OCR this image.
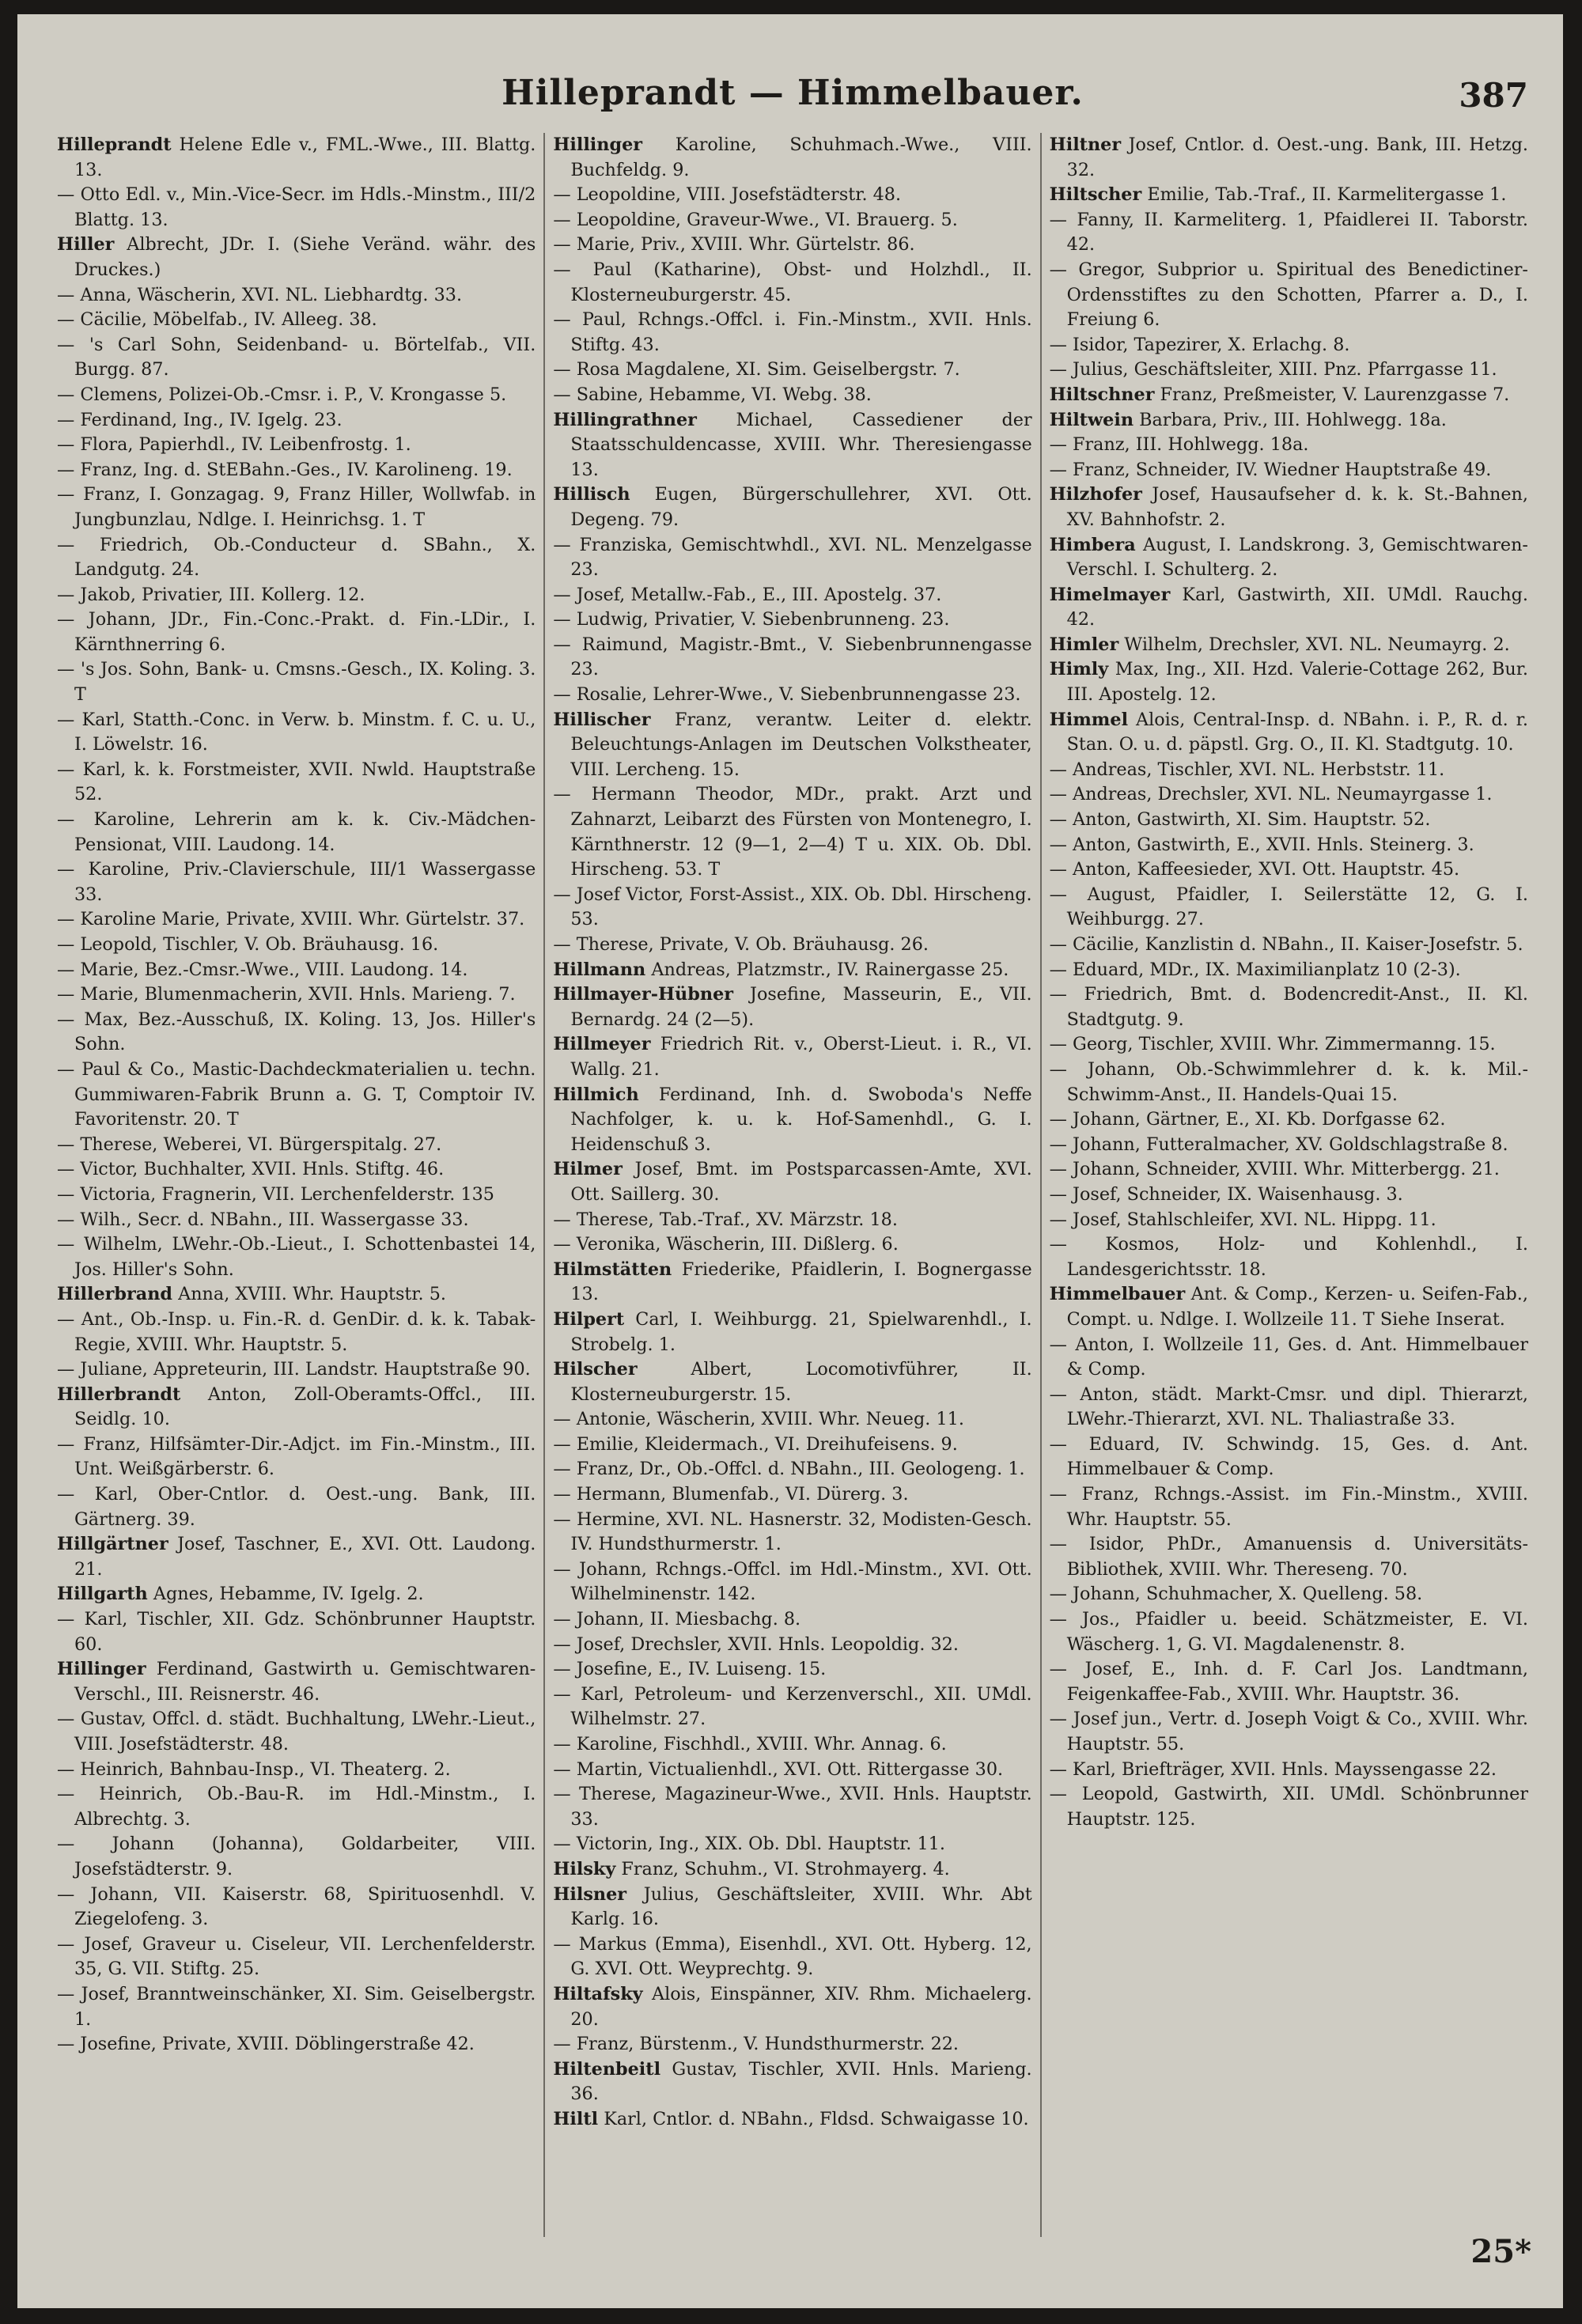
Hilleprandt — Himmelbauer.	387
Hilleprandt Helene Edle v., FML.-Wwe., III. Blattg. 13.
— Otto Edl. v., Min.-Vice-Secr. im Hdls.-Minstm., III/2 Blattg. 13.
Hiller Albrecht, JDr. I. (Siehe Veränd. währ. des Druckes.)
— Anna, Wäscherin, XVI. NL. Liebhardtg. 33.
— Cäcilie, Möbelfab., IV. Alleeg. 38.
— 's Carl Sohn, Seidenband- u. Börtelfab., VII. Burgg. 87.
— Clemens, Polizei-Ob.-Cmsr. i. P., V. Krongasse 5.
— Ferdinand, Ing., IV. Igelg. 23.
— Flora, Papierhdl., IV. Leibenfrostg. 1.
— Franz, Ing. d. StEBahn.-Ges., IV. Karolineng. 19.
— Franz, I. Gonzagag. 9, Franz Hiller, Wollwfab. in Jungbunzlau, Ndlge. I. Heinrichsg. 1. T
— Friedrich, Ob.-Conducteur d. SBahn., X. Landgutg. 24.
— Jakob, Privatier, III. Kollerg. 12.
— Johann, JDr., Fin.-Conc.-Prakt. d. Fin.-LDir., I. Kärnthnerring 6.
— 's Jos. Sohn, Bank- u. Cmsns.-Gesch., IX. Koling. 3. T
— Karl, Statth.-Conc. in Verw. b. Minstm. f. C. u. U., I. Löwelstr. 16.
— Karl, k. k. Forstmeister, XVII. Nwld. Hauptstraße 52.
— Karoline, Lehrerin am k. k. Civ.-Mädchen-Pensionat, VIII. Laudong. 14.
— Karoline, Priv.-Clavierschule, III/1 Wassergasse 33.
— Karoline Marie, Private, XVIII. Whr. Gürtelstr. 37.
— Leopold, Tischler, V. Ob. Bräuhausg. 16.
— Marie, Bez.-Cmsr.-Wwe., VIII. Laudong. 14.
— Marie, Blumenmacherin, XVII. Hnls. Marieng. 7.
— Max, Bez.-Ausschuß, IX. Koling. 13, Jos. Hiller's Sohn.
— Paul & Co., Mastic-Dachdeckmaterialien u. techn. Gummiwaren-Fabrik Brunn a. G. T, Comptoir IV. Favoritenstr. 20. T
— Therese, Weberei, VI. Bürgerspitalg. 27.
— Victor, Buchhalter, XVII. Hnls. Stiftg. 46.
— Victoria, Fragnerin, VII. Lerchenfelderstr. 135
— Wilh., Secr. d. NBahn., III. Wassergasse 33.
— Wilhelm, LWehr.-Ob.-Lieut., I. Schottenbastei 14, Jos. Hiller's Sohn.
Hillerbrand Anna, XVIII. Whr. Hauptstr. 5.
— Ant., Ob.-Insp. u. Fin.-R. d. GenDir. d. k. k. Tabak-Regie, XVIII. Whr. Hauptstr. 5.
— Juliane, Appreteurin, III. Landstr. Hauptstraße 90.
Hillerbrandt Anton, Zoll-Oberamts-Offcl., III. Seidlg. 10.
— Franz, Hilfsämter-Dir.-Adjct. im Fin.-Minstm., III. Unt. Weißgärberstr. 6.
— Karl, Ober-Cntlor. d. Oest.-ung. Bank, III. Gärtnerg. 39.
Hillgärtner Josef, Taschner, E., XVI. Ott. Laudong. 21.
Hillgarth Agnes, Hebamme, IV. Igelg. 2.
— Karl, Tischler, XII. Gdz. Schönbrunner Hauptstr. 60.
Hillinger Ferdinand, Gastwirth u. Gemischtwaren-Verschl., III. Reisnerstr. 46.
— Gustav, Offcl. d. städt. Buchhaltung, LWehr.-Lieut., VIII. Josefstädterstr. 48.
— Heinrich, Bahnbau-Insp., VI. Theaterg. 2.
— Heinrich, Ob.-Bau-R. im Hdl.-Minstm., I. Albrechtg. 3.
— Johann (Johanna), Goldarbeiter, VIII. Josefstädterstr. 9.
— Johann, VII. Kaiserstr. 68, Spirituosenhdl. V. Ziegelofeng. 3.
— Josef, Graveur u. Ciseleur, VII. Lerchenfelderstr. 35, G. VII. Stiftg. 25.
— Josef, Branntweinschänker, XI. Sim. Geiselbergstr. 1.
— Josefine, Private, XVIII. Döblingerstraße 42.
Hillinger Karoline, Schuhmach.-Wwe., VIII. Buchfeldg. 9.
— Leopoldine, VIII. Josefstädterstr. 48.
— Leopoldine, Graveur-Wwe., VI. Brauerg. 5.
— Marie, Priv., XVIII. Whr. Gürtelstr. 86.
— Paul (Katharine), Obst- und Holzhdl., II. Klosterneuburgerstr. 45.
— Paul, Rchngs.-Offcl. i. Fin.-Minstm., XVII. Hnls. Stiftg. 43.
— Rosa Magdalene, XI. Sim. Geiselbergstr. 7.
— Sabine, Hebamme, VI. Webg. 38.
Hillingrathner Michael, Cassediener der Staatsschuldencasse, XVIII. Whr. Theresiengasse 13.
Hillisch Eugen, Bürgerschullehrer, XVI. Ott. Degeng. 79.
— Franziska, Gemischtwhdl., XVI. NL. Menzelgasse 23.
— Josef, Metallw.-Fab., E., III. Apostelg. 37.
— Ludwig, Privatier, V. Siebenbrunneng. 23.
— Raimund, Magistr.-Bmt., V. Siebenbrunnengasse 23.
— Rosalie, Lehrer-Wwe., V. Siebenbrunnengasse 23.
Hillischer Franz, verantw. Leiter d. elektr. Beleuchtungs-Anlagen im Deutschen Volkstheater, VIII. Lercheng. 15.
— Hermann Theodor, MDr., prakt. Arzt und Zahnarzt, Leibarzt des Fürsten von Montenegro, I. Kärnthnerstr. 12 (9—1, 2—4) T u. XIX. Ob. Dbl. Hirscheng. 53. T
— Josef Victor, Forst-Assist., XIX. Ob. Dbl. Hirscheng. 53.
— Therese, Private, V. Ob. Bräuhausg. 26.
Hillmann Andreas, Platzmstr., IV. Rainergasse 25.
Hillmayer-Hübner Josefine, Masseurin, E., VII. Bernardg. 24 (2—5).
Hillmeyer Friedrich Rit. v., Oberst-Lieut. i. R., VI. Wallg. 21.
Hillmich Ferdinand, Inh. d. Swoboda's Neffe Nachfolger, k. u. k. Hof-Samenhdl., G. I. Heidenschuß 3.
Hilmer Josef, Bmt. im Postsparcassen-Amte, XVI. Ott. Saillerg. 30.
— Therese, Tab.-Traf., XV. Märzstr. 18.
— Veronika, Wäscherin, III. Dißlerg. 6.
Hilmstätten Friederike, Pfaidlerin, I. Bognergasse 13.
Hilpert Carl, I. Weihburgg. 21, Spielwarenhdl., I. Strobelg. 1.
Hilscher	Albert, Locomotivführer, II. Klosterneuburgerstr. 15.
— Antonie, Wäscherin, XVIII. Whr. Neueg. 11.
— Emilie, Kleidermach., VI. Dreihufeisens. 9.
— Franz, Dr., Ob.-Offcl. d. NBahn., III. Geologeng. 1.
— Hermann, Blumenfab., VI. Dürerg. 3.
— Hermine, XVI. NL. Hasnerstr. 32, Modisten-Gesch. IV. Hundsthurmerstr. 1.
— Johann, Rchngs.-Offcl. im Hdl.-Minstm., XVI. Ott. Wilhelminenstr. 142.
— Johann, II. Miesbachg. 8.
— Josef, Drechsler, XVII. Hnls. Leopoldig. 32.
— Josefine, E., IV. Luiseng. 15.
— Karl, Petroleum- und Kerzenverschl., XII. UMdl. Wilhelmstr. 27.
— Karoline, Fischhdl., XVIII. Whr. Annag. 6.
— Martin, Victualienhdl., XVI. Ott. Rittergasse 30.
— Therese, Magazineur-Wwe., XVII. Hnls. Hauptstr. 33.
— Victorin, Ing., XIX. Ob. Dbl. Hauptstr. 11.
Hilsky Franz, Schuhm., VI. Strohmayerg. 4.
Hilsner Julius, Geschäftsleiter, XVIII. Whr. Abt Karlg. 16.
— Markus (Emma), Eisenhdl., XVI. Ott. Hyberg. 12, G. XVI. Ott. Weyprechtg. 9.
Hiltafsky Alois, Einspänner, XIV. Rhm. Michaelerg. 20.
— Franz, Bürstenm., V. Hundsthurmerstr. 22.
Hiltenbeitl Gustav, Tischler, XVII. Hnls. Marieng. 36.
Hiltl Karl, Cntlor. d. NBahn., Fldsd. Schwaigasse 10.
Hiltner Josef, Cntlor. d. Oest.-ung. Bank, III. Hetzg. 32.
Hiltscher Emilie, Tab.-Traf., II. Karmelitergasse 1.
— Fanny, II. Karmeliterg. 1, Pfaidlerei II. Taborstr. 42.
— Gregor, Subprior u. Spiritual des Benedictiner-Ordensstiftes zu den Schotten, Pfarrer a. D., I. Freiung 6.
— Isidor, Tapezirer, X. Erlachg. 8.
— Julius, Geschäftsleiter, XIII. Pnz. Pfarrgasse 11.
Hiltschner Franz, Preßmeister, V. Laurenzgasse 7.
Hiltwein Barbara, Priv., III. Hohlwegg. 18a.
— Franz, III. Hohlwegg. 18a.
— Franz, Schneider, IV. Wiedner Hauptstraße 49.
Hilzhofer Josef, Hausaufseher d. k. k. St.-Bahnen, XV. Bahnhofstr. 2.
Himbera August, I. Landskrong. 3, Gemischtwaren-Verschl. I. Schulterg. 2.
Himelmayer Karl, Gastwirth, XII. UMdl. Rauchg. 42.
Himler Wilhelm, Drechsler, XVI. NL. Neumayrg. 2.
Himly Max, Ing., XII. Hzd. Valerie-Cottage 262, Bur. III. Apostelg. 12.
Himmel Alois, Central-Insp. d. NBahn. i. P., R. d. r. Stan. O. u. d. päpstl. Grg. O., II. Kl. Stadtgutg. 10.
— Andreas, Tischler, XVI. NL. Herbststr. 11.
— Andreas, Drechsler, XVI. NL. Neumayrgasse 1.
— Anton, Gastwirth, XI. Sim. Hauptstr. 52.
— Anton, Gastwirth, E., XVII. Hnls. Steinerg. 3.
— Anton, Kaffeesieder, XVI. Ott. Hauptstr. 45.
— August, Pfaidler, I. Seilerstätte 12, G. I. Weihburgg. 27.
— Cäcilie, Kanzlistin d. NBahn., II. Kaiser-Josefstr. 5.
— Eduard, MDr., IX. Maximilianplatz 10 (2-3).
— Friedrich, Bmt. d. Bodencredit-Anst., II. Kl. Stadtgutg. 9.
— Georg, Tischler, XVIII. Whr. Zimmermanng. 15.
— Johann, Ob.-Schwimmlehrer d. k. k. Mil.-Schwimm-Anst., II. Handels-Quai 15.
— Johann, Gärtner, E., XI. Kb. Dorfgasse 62.
— Johann, Futteralmacher, XV. Goldschlagstraße 8.
— Johann, Schneider, XVIII. Whr. Mitterbergg. 21.
— Josef, Schneider, IX. Waisenhausg. 3.
— Josef, Stahlschleifer, XVI. NL. Hippg. 11.
— Kosmos, Holz- und Kohlenhdl., I. Landesgerichtsstr. 18.
Himmelbauer Ant. & Comp., Kerzen- u. Seifen-Fab., Compt. u. Ndlge. I. Wollzeile 11. T Siehe Inserat.
— Anton, I. Wollzeile 11, Ges. d. Ant. Himmelbauer & Comp.
— Anton, städt. Markt-Cmsr. und dipl. Thierarzt, LWehr.-Thierarzt, XVI. NL. Thaliastraße 33.
— Eduard, IV. Schwindg. 15, Ges. d. Ant. Himmelbauer & Comp.
— Franz, Rchngs.-Assist. im Fin.-Minstm., XVIII. Whr. Hauptstr. 55.
— Isidor, PhDr., Amanuensis d. Universitäts-Bibliothek, XVIII. Whr. Thereseng. 70.
— Johann, Schuhmacher, X. Quelleng. 58.
— Jos., Pfaidler u. beeid. Schätzmeister, E. VI. Wäscherg. 1, G. VI. Magdalenenstr. 8.
— Josef, E., Inh. d. F. Carl Jos. Landtmann, Feigenkaffee-Fab., XVIII. Whr. Hauptstr. 36.
— Josef jun., Vertr. d. Joseph Voigt & Co., XVIII. Whr. Hauptstr. 55.
— Karl, Briefträger, XVII. Hnls. Mayssengasse 22.
— Leopold, Gastwirth, XII. UMdl. Schönbrunner Hauptstr. 125.
25*
